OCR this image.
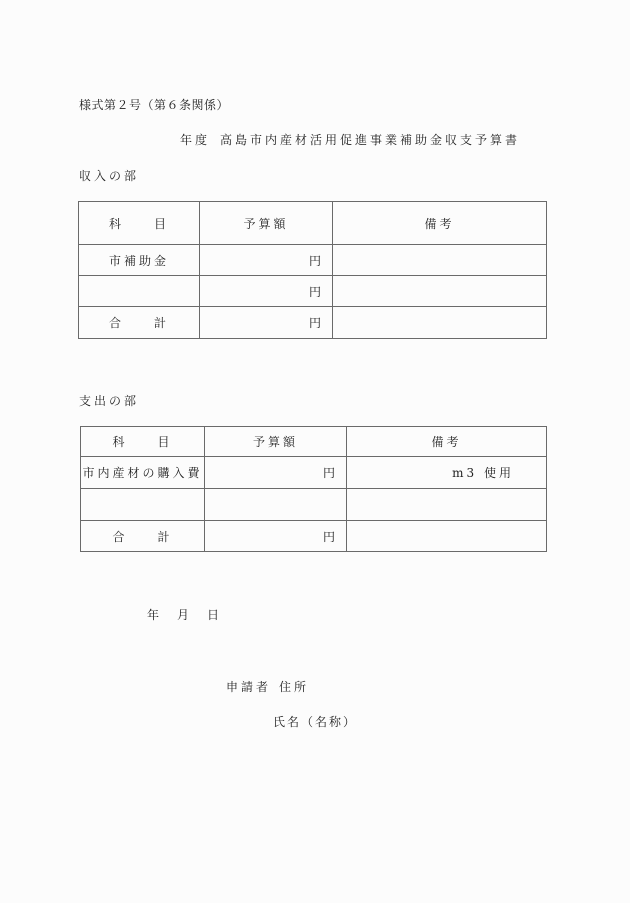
様式第２号（第６条関係）
年度 高島市内産材活用促進事業補助金収支予算書
収入の部
科 目	予算額	備考
市補助金	円	
	円	
合 計	円	
支出の部
科 目	予算額	備考
市内産材の購入費	円	m3 使用

合 計	円	
年 月 日
申請者 住所
氏名（名称）
